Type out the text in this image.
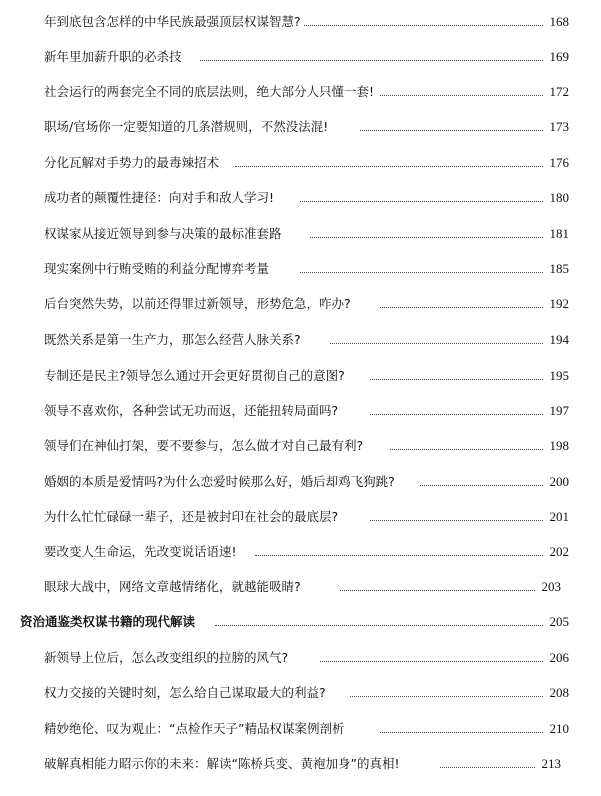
年到底包含怎样的中华民族最强顶层权谋智慧?	168
新年里加薪升职的必杀技	169
社会运行的两套完全不同的底层法则，绝大部分人只懂一套!	172
职场/官场你一定要知道的几条潜规则，不然没法混!	173
分化瓦解对手势力的最毒辣招术	176
成功者的颠覆性捷径：向对手和敌人学习!	180
权谋家从接近领导到参与决策的最标准套路	181
现实案例中行贿受贿的利益分配博弈考量	185
后台突然失势，以前还得罪过新领导，形势危急，咋办?	192
既然关系是第一生产力，那怎么经营人脉关系?	194
专制还是民主?领导怎么通过开会更好贯彻自己的意图?	195
领导不喜欢你，各种尝试无功而返，还能扭转局面吗?	197
领导们在神仙打架，要不要参与，怎么做才对自己最有利?	198
婚姻的本质是爱情吗?为什么恋爱时候那么好，婚后却鸡飞狗跳?	200
为什么忙忙碌碌一辈子，还是被封印在社会的最底层?	201
要改变人生命运，先改变说话语速!	202
眼球大战中，网络文章越情绪化，就越能吸睛?	203
资治通鉴类权谋书籍的现代解读	205
新领导上位后，怎么改变组织的拉膀的风气?	206
权力交接的关键时刻，怎么给自己谋取最大的利益?	208
精妙绝伦、叹为观止：“点检作天子”精品权谋案例剖析	210
破解真相能力昭示你的未来：解读“陈桥兵变、黄袍加身”的真相!	213
